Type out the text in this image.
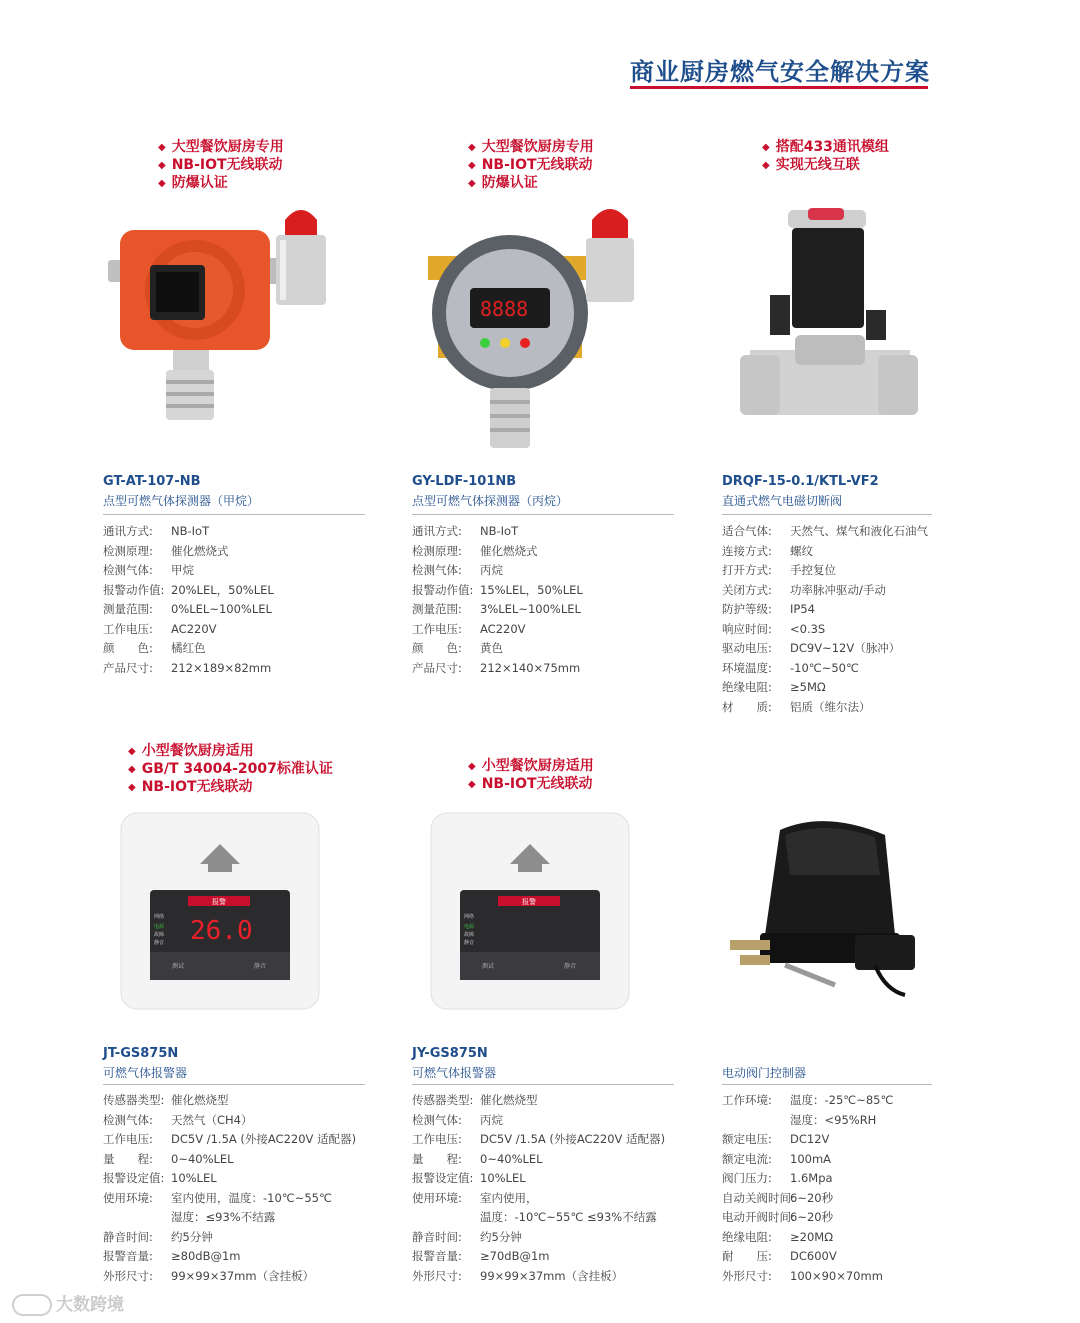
商业厨房燃气安全解决方案
◆ 大型餐饮厨房专用
◆ NB-IOT无线联动
◆ 防爆认证
GT-AT-107-NB
点型可燃气体探测器（甲烷）
通讯方式:	NB-IoT
检测原理:	催化燃烧式
检测气体:	甲烷
报警动作值: 20%LEL，50%LEL
测量范围:	0%LEL~100%LEL
工作电压:	AC220V
颜　　色:	橘红色
产品尺寸:	212×189×82mm
◆ 大型餐饮厨房专用
◆ NB-IOT无线联动
◆ 防爆认证
8888
GY-LDF-101NB
点型可燃气体探测器（丙烷）
通讯方式:	NB-IoT
检测原理:	催化燃烧式
检测气体:	丙烷
报警动作值: 15%LEL，50%LEL
测量范围:	3%LEL~100%LEL
工作电压:	AC220V
颜　　色:	黄色
产品尺寸:	212×140×75mm
◆ 搭配433通讯模组
◆ 实现无线互联
DRQF-15-0.1/KTL-VF2
直通式燃气电磁切断阀
适合气体:	天然气、煤气和液化石油气
连接方式:	螺纹
打开方式:	手控复位
关闭方式:	功率脉冲驱动/手动
防护等级:	IP54
响应时间:	<0.3S
驱动电压:	DC9V~12V（脉冲）
环境温度:	-10℃~50℃
绝缘电阻:	≥5MΩ
材　　质:	铝质（维尔法）
◆ 小型餐饮厨房适用
◆ GB/T 34004-2007标准认证
◆ NB-IOT无线联动
报警
网络
电源
故障
静音 26.0
测试	静音
JT-GS875N
可燃气体报警器
传感器类型: 催化燃烧型
检测气体:	天然气（CH4）
工作电压:	DC5V /1.5A (外接AC220V 适配器)
量　　程:	0~40%LEL
报警设定值: 10%LEL
使用环境:	室内使用，温度：-10℃~55℃
湿度：≤93%不结露
静音时间:	约5分钟
报警音量:	≥80dB@1m
外形尺寸:	99×99×37mm（含挂板）
◆ 小型餐饮厨房适用
◆ NB-IOT无线联动
报警
网络
电源
故障
静音
测试	静音
JY-GS875N
可燃气体报警器
传感器类型: 催化燃烧型
检测气体:	丙烷
工作电压:	DC5V /1.5A (外接AC220V 适配器)
量　　程:	0~40%LEL
报警设定值: 10%LEL
使用环境:	室内使用，
温度：-10℃~55℃ ≤93%不结露
静音时间:	约5分钟
报警音量:	≥70dB@1m
外形尺寸:	99×99×37mm（含挂板）
电动阀门控制器
工作环境:	温度：-25℃~85℃
湿度：<95%RH
额定电压:	DC12V
额定电流:	100mA
阀门压力:	1.6Mpa
自动关阀时间:
6~20秒
电动开阀时间:
6~20秒
绝缘电阻:	≥20MΩ
耐　　压:	DC600V
外形尺寸:	100×90×70mm
大数跨境
